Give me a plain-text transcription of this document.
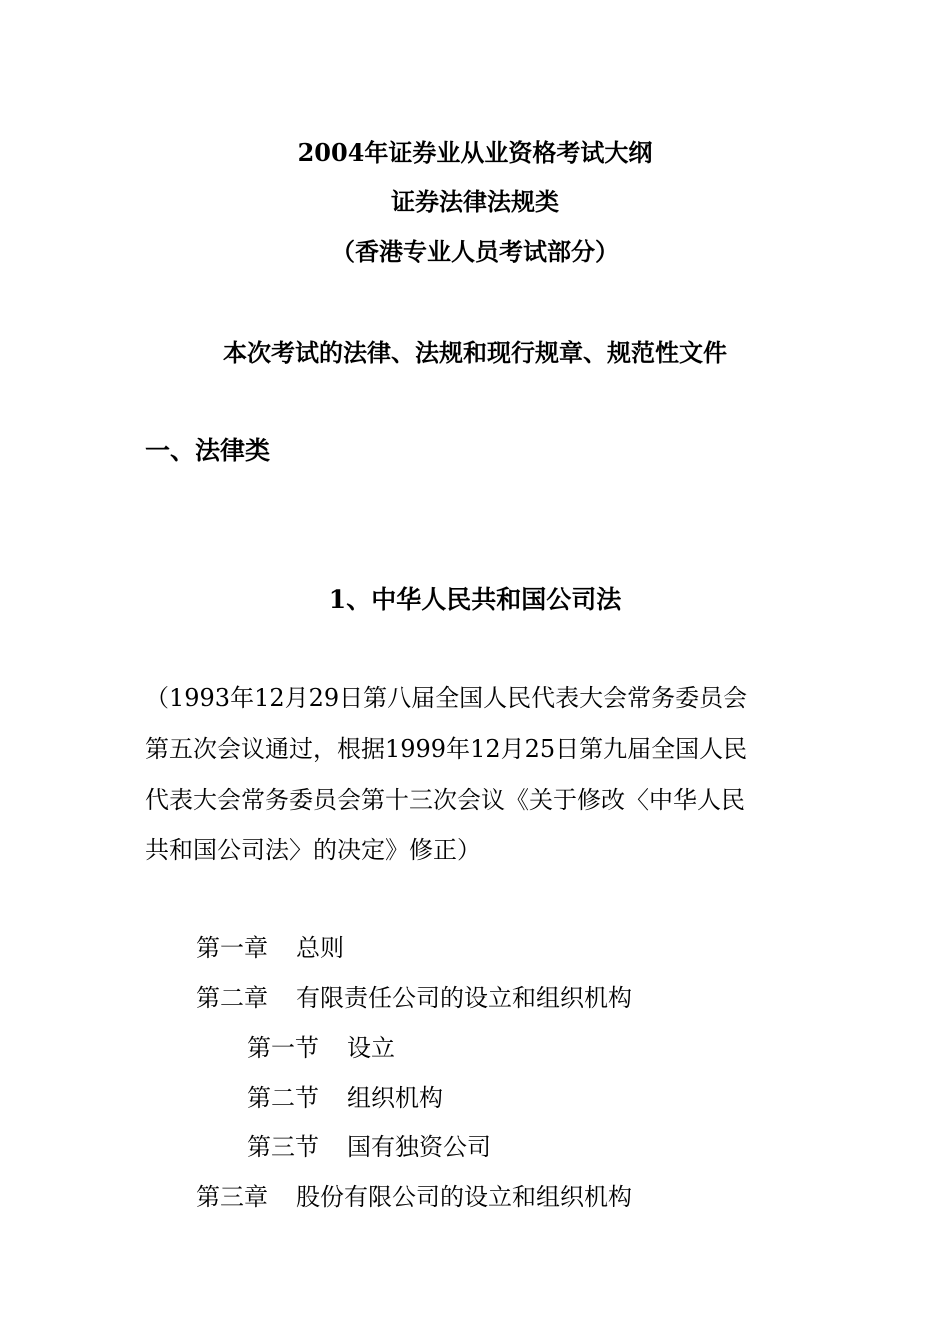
2004年证券业从业资格考试大纲
证券法律法规类
（香港专业人员考试部分）
本次考试的法律、法规和现行规章、规范性文件
一、法律类
1、中华人民共和国公司法
（1993年12月29日第八届全国人民代表大会常务委员会
第五次会议通过，根据1999年12月25日第九届全国人民
代表大会常务委员会第十三次会议《关于修改〈中华人民
共和国公司法〉的决定》修正）
第一章 总则
第二章 有限责任公司的设立和组织机构
第一节 设立
第二节 组织机构
第三节 国有独资公司
第三章 股份有限公司的设立和组织机构
